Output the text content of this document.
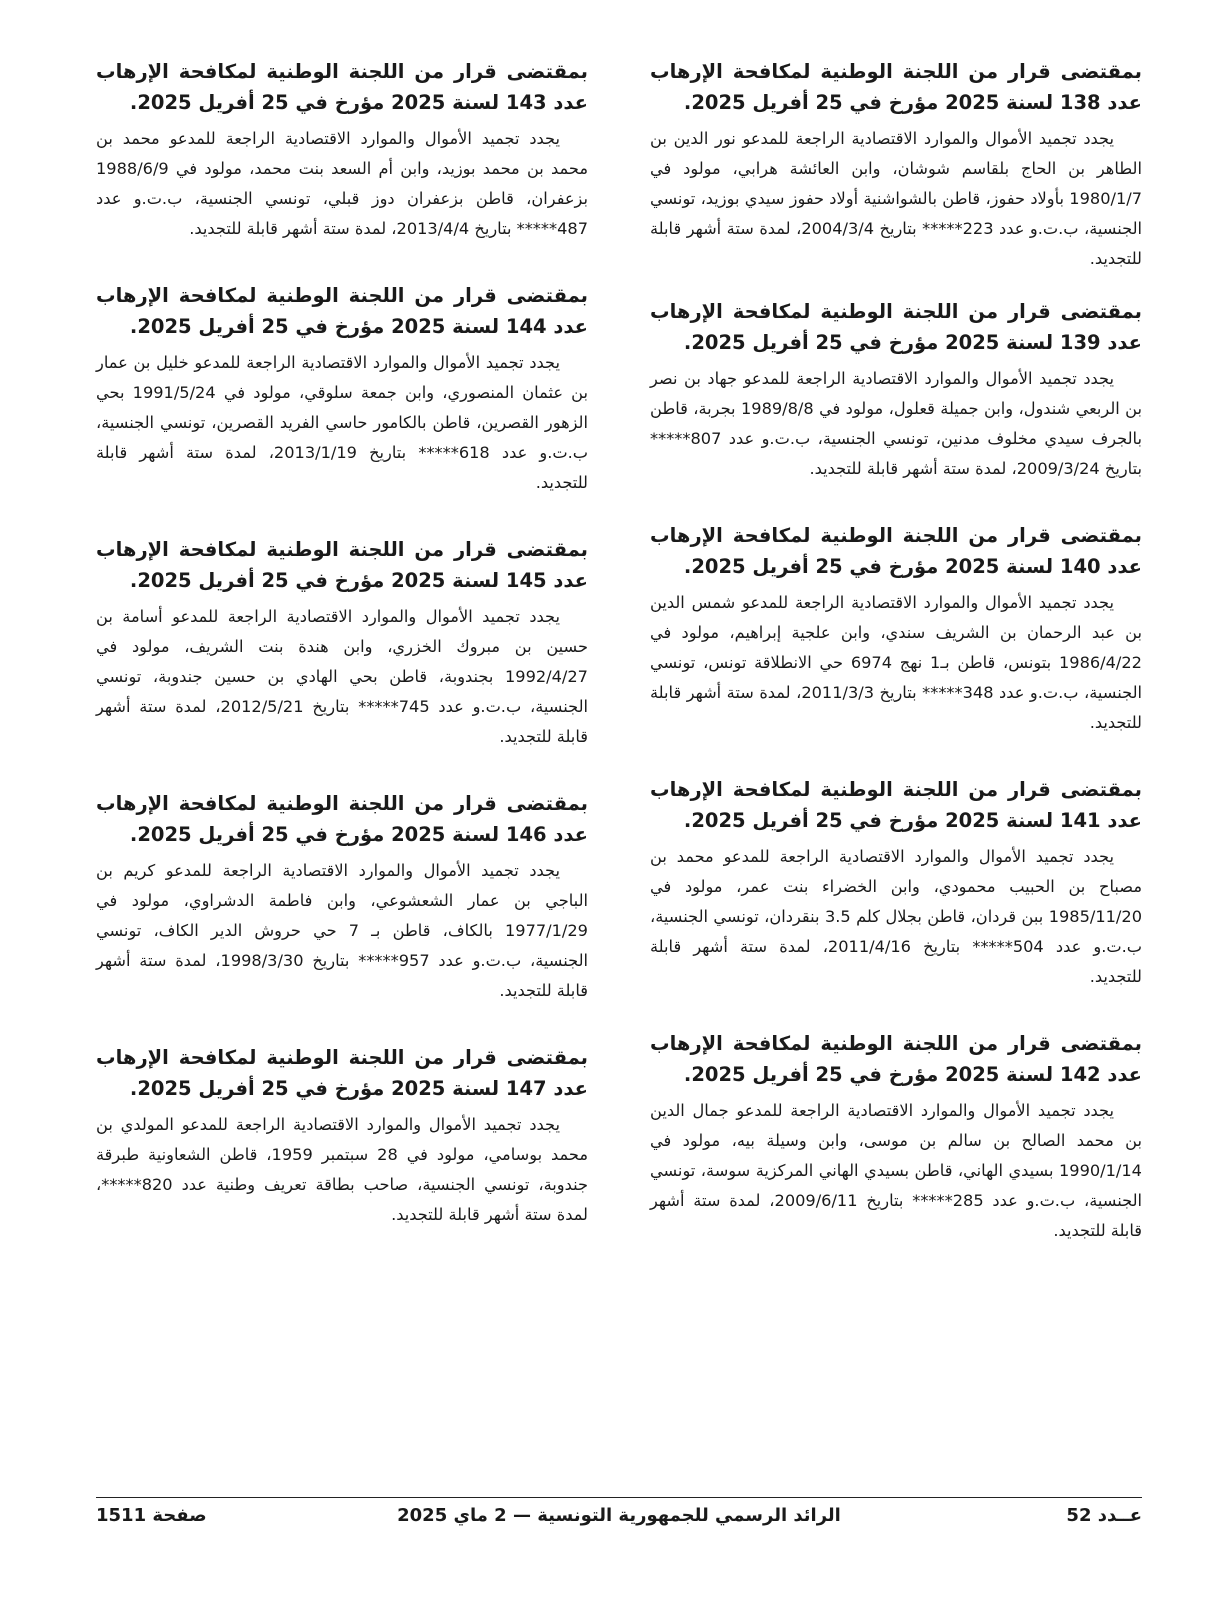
بمقتضى قرار من اللجنة الوطنية لمكافحة الإرهاب عدد 138 لسنة 2025 مؤرخ في 25 أفريل 2025.

يجدد تجميد الأموال والموارد الاقتصادية الراجعة للمدعو نور الدين بن الطاهر بن الحاج بلقاسم شوشان، وابن العائشة هرابي، مولود في 1980/1/7 بأولاد حفوز، قاطن بالشواشنية أولاد حفوز سيدي بوزيد، تونسي الجنسية، ب.ت.و عدد 223***** بتاريخ 2004/3/4، لمدة ستة أشهر قابلة للتجديد.

بمقتضى قرار من اللجنة الوطنية لمكافحة الإرهاب عدد 139 لسنة 2025 مؤرخ في 25 أفريل 2025.

يجدد تجميد الأموال والموارد الاقتصادية الراجعة للمدعو جهاد بن نصر بن الربعي شندول، وابن جميلة قعلول، مولود في 1989/8/8 بجربة، قاطن بالجرف سيدي مخلوف مدنين، تونسي الجنسية، ب.ت.و عدد 807***** بتاريخ 2009/3/24، لمدة ستة أشهر قابلة للتجديد.

بمقتضى قرار من اللجنة الوطنية لمكافحة الإرهاب عدد 140 لسنة 2025 مؤرخ في 25 أفريل 2025.

يجدد تجميد الأموال والموارد الاقتصادية الراجعة للمدعو شمس الدين بن عبد الرحمان بن الشريف سندي، وابن علجية إبراهيم، مولود في 1986/4/22 بتونس، قاطن بـ1 نهج 6974 حي الانطلاقة تونس، تونسي الجنسية، ب.ت.و عدد 348***** بتاريخ 2011/3/3، لمدة ستة أشهر قابلة للتجديد.

بمقتضى قرار من اللجنة الوطنية لمكافحة الإرهاب عدد 141 لسنة 2025 مؤرخ في 25 أفريل 2025.

يجدد تجميد الأموال والموارد الاقتصادية الراجعة للمدعو محمد بن مصباح بن الحبيب محمودي، وابن الخضراء بنت عمر، مولود في 1985/11/20 ببن قردان، قاطن بجلال كلم 3.5 بنقردان، تونسي الجنسية، ب.ت.و عدد 504***** بتاريخ 2011/4/16، لمدة ستة أشهر قابلة للتجديد.

بمقتضى قرار من اللجنة الوطنية لمكافحة الإرهاب عدد 142 لسنة 2025 مؤرخ في 25 أفريل 2025.

يجدد تجميد الأموال والموارد الاقتصادية الراجعة للمدعو جمال الدين بن محمد الصالح بن سالم بن موسى، وابن وسيلة بيه، مولود في 1990/1/14 بسيدي الهاني، قاطن بسيدي الهاني المركزية سوسة، تونسي الجنسية، ب.ت.و عدد 285***** بتاريخ 2009/6/11، لمدة ستة أشهر قابلة للتجديد.

بمقتضى قرار من اللجنة الوطنية لمكافحة الإرهاب عدد 143 لسنة 2025 مؤرخ في 25 أفريل 2025.

يجدد تجميد الأموال والموارد الاقتصادية الراجعة للمدعو محمد بن محمد بن محمد بوزيد، وابن أم السعد بنت محمد، مولود في 1988/6/9 بزعفران، قاطن بزعفران دوز قبلي، تونسي الجنسية، ب.ت.و عدد 487***** بتاريخ 2013/4/4، لمدة ستة أشهر قابلة للتجديد.

بمقتضى قرار من اللجنة الوطنية لمكافحة الإرهاب عدد 144 لسنة 2025 مؤرخ في 25 أفريل 2025.

يجدد تجميد الأموال والموارد الاقتصادية الراجعة للمدعو خليل بن عمار بن عثمان المنصوري، وابن جمعة سلوقي، مولود في 1991/5/24 بحي الزهور القصرين، قاطن بالكامور حاسي الفريد القصرين، تونسي الجنسية، ب.ت.و عدد 618***** بتاريخ 2013/1/19، لمدة ستة أشهر قابلة للتجديد.

بمقتضى قرار من اللجنة الوطنية لمكافحة الإرهاب عدد 145 لسنة 2025 مؤرخ في 25 أفريل 2025.

يجدد تجميد الأموال والموارد الاقتصادية الراجعة للمدعو أسامة بن حسين بن مبروك الخزري، وابن هندة بنت الشريف، مولود في 1992/4/27 بجندوبة، قاطن بحي الهادي بن حسين جندوبة، تونسي الجنسية، ب.ت.و عدد 745***** بتاريخ 2012/5/21، لمدة ستة أشهر قابلة للتجديد.

بمقتضى قرار من اللجنة الوطنية لمكافحة الإرهاب عدد 146 لسنة 2025 مؤرخ في 25 أفريل 2025.

يجدد تجميد الأموال والموارد الاقتصادية الراجعة للمدعو كريم بن الباجي بن عمار الشعشوعي، وابن فاطمة الدشراوي، مولود في 1977/1/29 بالكاف، قاطن بـ 7 حي حروش الدير الكاف، تونسي الجنسية، ب.ت.و عدد 957***** بتاريخ 1998/3/30، لمدة ستة أشهر قابلة للتجديد.

بمقتضى قرار من اللجنة الوطنية لمكافحة الإرهاب عدد 147 لسنة 2025 مؤرخ في 25 أفريل 2025.

يجدد تجميد الأموال والموارد الاقتصادية الراجعة للمدعو المولدي بن محمد بوسامي، مولود في 28 سبتمبر 1959، قاطن الشعاونية طبرقة جندوبة، تونسي الجنسية، صاحب بطاقة تعريف وطنية عدد 820*****، لمدة ستة أشهر قابلة للتجديد.

عــدد 52
الرائد الرسمي للجمهورية التونسية — 2 ماي 2025
صفحة 1511
